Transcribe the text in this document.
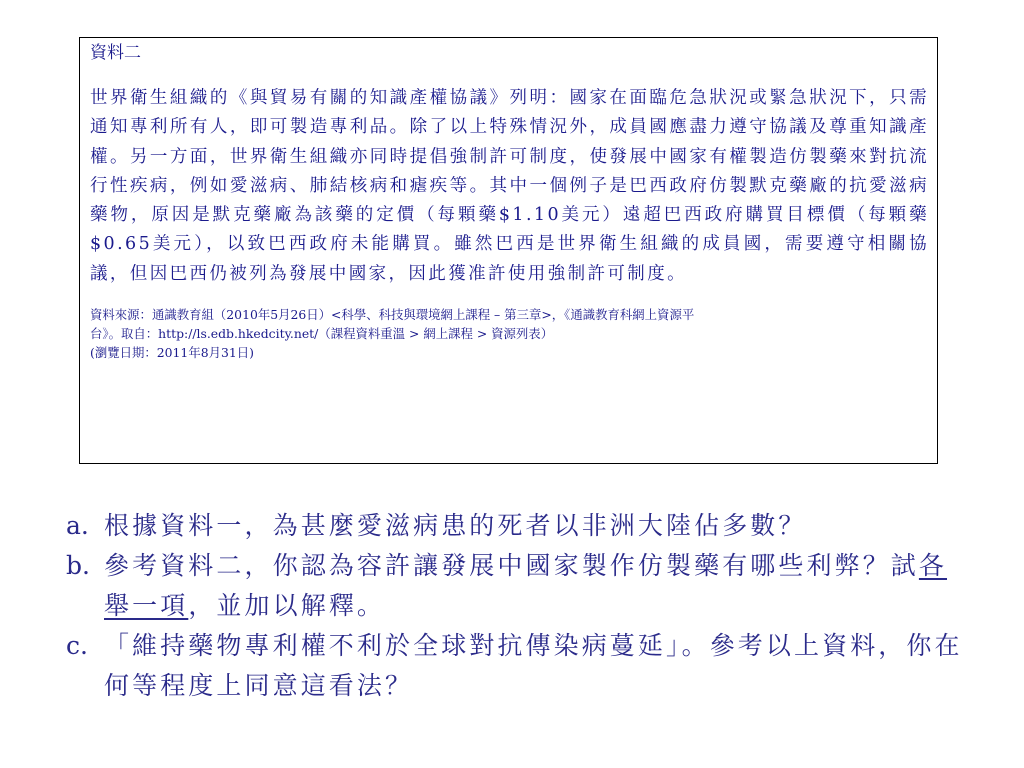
資料二

世界衛生組織的《與貿易有關的知識產權協議》列明：國家在面臨危急狀況或緊急狀況下，只需通知專利所有人，即可製造專利品。除了以上特殊情況外，成員國應盡力遵守協議及尊重知識產權。另一方面，世界衛生組織亦同時提倡強制許可制度，使發展中國家有權製造仿製藥來對抗流行性疾病，例如愛滋病、肺結核病和瘧疾等。其中一個例子是巴西政府仿製默克藥廠的抗愛滋病藥物，原因是默克藥廠為該藥的定價（每顆藥$1.10美元）遠超巴西政府購買目標價（每顆藥$0.65美元），以致巴西政府未能購買。雖然巴西是世界衛生組織的成員國，需要遵守相關協議，但因巴西仍被列為發展中國家，因此獲准許使用強制許可制度。

資料來源：通識教育組（2010年5月26日）<科學、科技與環境網上課程 – 第三章>，《通識教育科網上資源平
台》。取自：http://ls.edb.hkedcity.net/（課程資料重溫 > 網上課程 > 資源列表）
(瀏覽日期：2011年8月31日)

a. 根據資料一，為甚麼愛滋病患的死者以非洲大陸佔多數？
b. 參考資料二，你認為容許讓發展中國家製作仿製藥有哪些利弊？試各舉一項，並加以解釋。
c. 「維持藥物專利權不利於全球對抗傳染病蔓延」。參考以上資料，你在何等程度上同意這看法？
